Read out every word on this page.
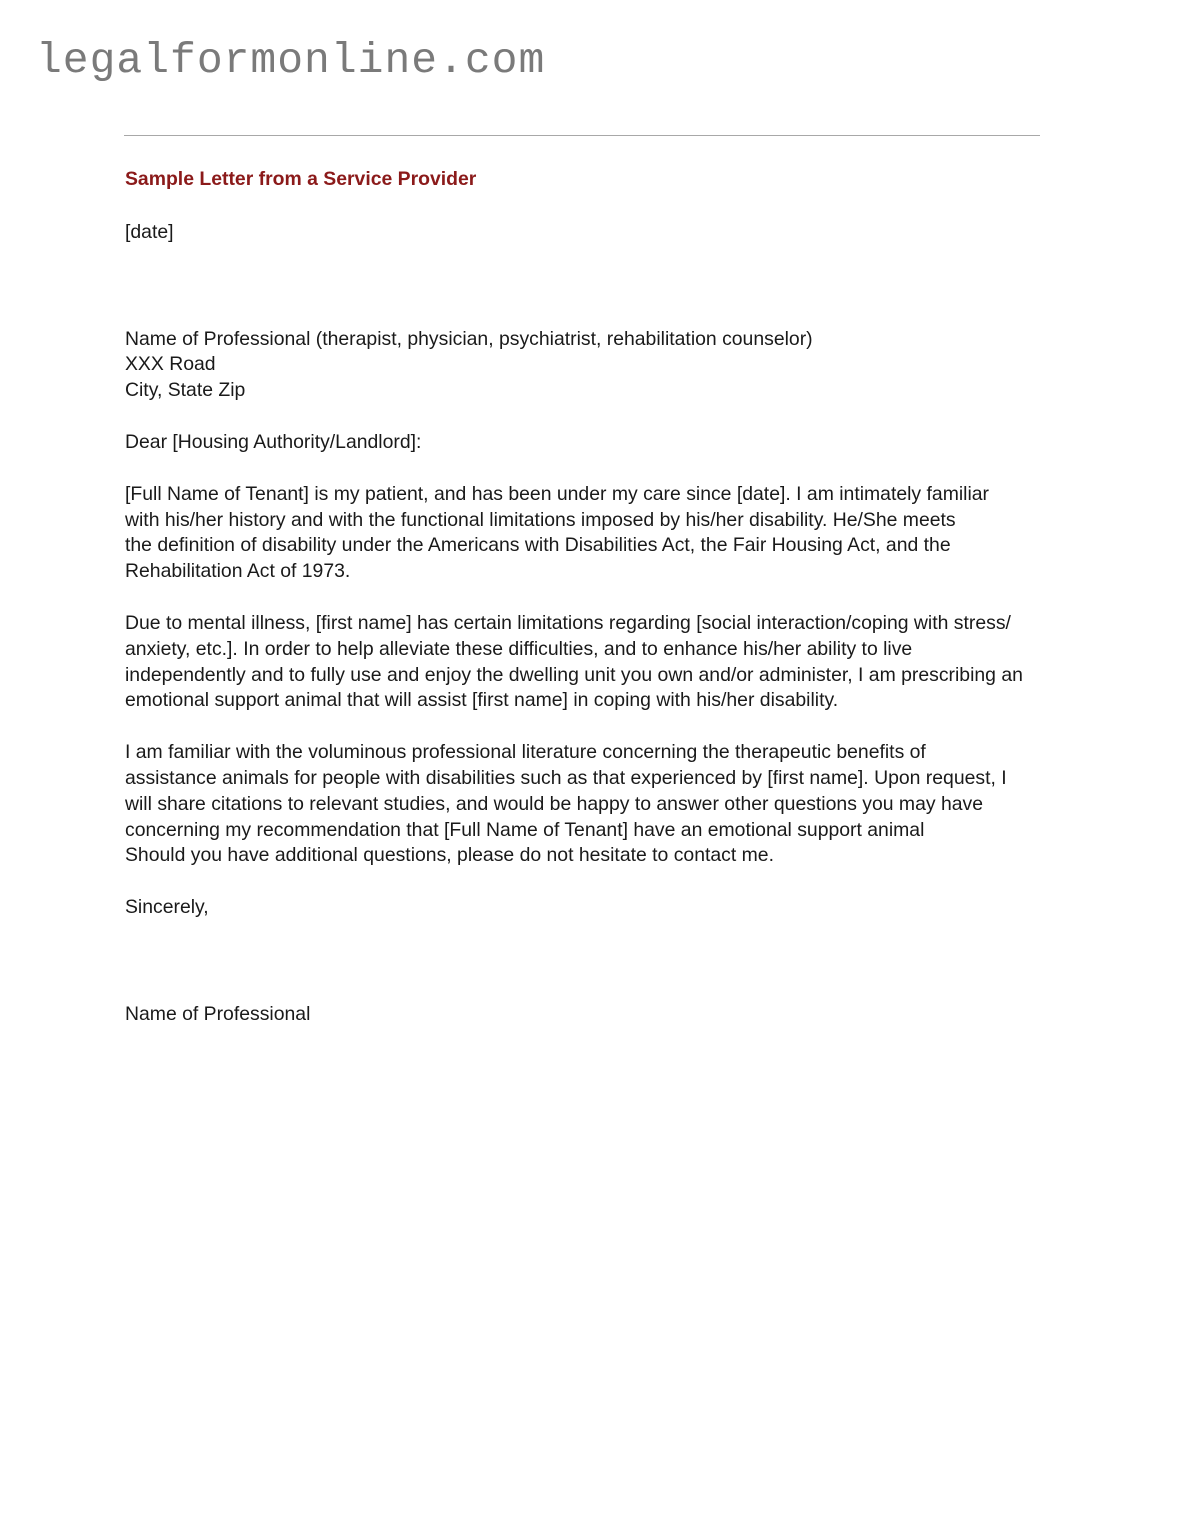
legalformonline.com
Sample Letter from a Service Provider
[date]
Name of Professional (therapist, physician, psychiatrist, rehabilitation counselor)
XXX Road
City, State Zip
Dear [Housing Authority/Landlord]:
[Full Name of Tenant] is my patient, and has been under my care since [date]. I am intimately familiar
with his/her history and with the functional limitations imposed by his/her disability. He/She meets
the definition of disability under the Americans with Disabilities Act, the Fair Housing Act, and the
Rehabilitation Act of 1973.
Due to mental illness, [first name] has certain limitations regarding [social interaction/coping with stress/
anxiety, etc.]. In order to help alleviate these difficulties, and to enhance his/her ability to live
independently and to fully use and enjoy the dwelling unit you own and/or administer, I am prescribing an
emotional support animal that will assist [first name] in coping with his/her disability.
I am familiar with the voluminous professional literature concerning the therapeutic benefits of
assistance animals for people with disabilities such as that experienced by [first name]. Upon request, I
will share citations to relevant studies, and would be happy to answer other questions you may have
concerning my recommendation that [Full Name of Tenant] have an emotional support animal
Should you have additional questions, please do not hesitate to contact me.
Sincerely,
Name of Professional
